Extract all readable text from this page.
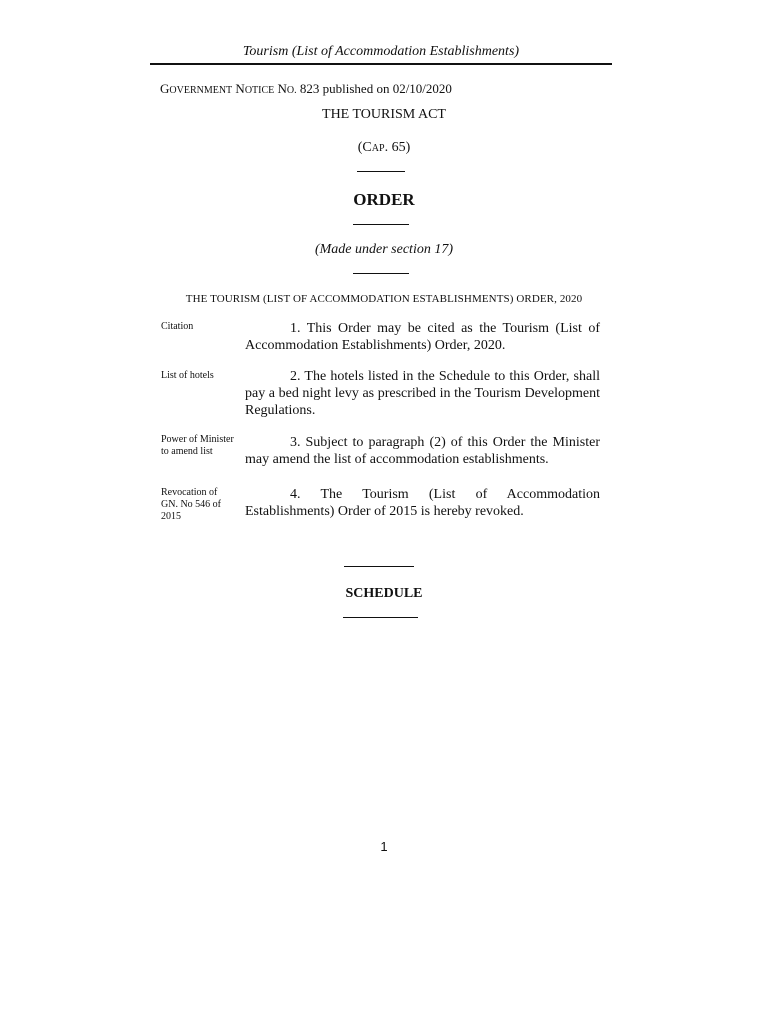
Tourism (List of Accommodation Establishments)
GOVERNMENT NOTICE NO. 823 published on 02/10/2020
THE TOURISM ACT
(CAP. 65)
ORDER
(Made under section 17)
THE TOURISM (LIST OF ACCOMMODATION ESTABLISHMENTS) ORDER, 2020
Citation	1. This Order may be cited as the Tourism (List of Accommodation Establishments) Order, 2020.
List of hotels	2. The hotels listed in the Schedule to this Order, shall pay a bed night levy as prescribed in the Tourism Development Regulations.
Power of Minister to amend list
3. Subject to paragraph (2) of this Order the Minister may amend the list of accommodation establishments.
Revocation of GN. No 546 of 2015
4. The Tourism (List of Accommodation Establishments) Order of 2015 is hereby revoked.
SCHEDULE
1
